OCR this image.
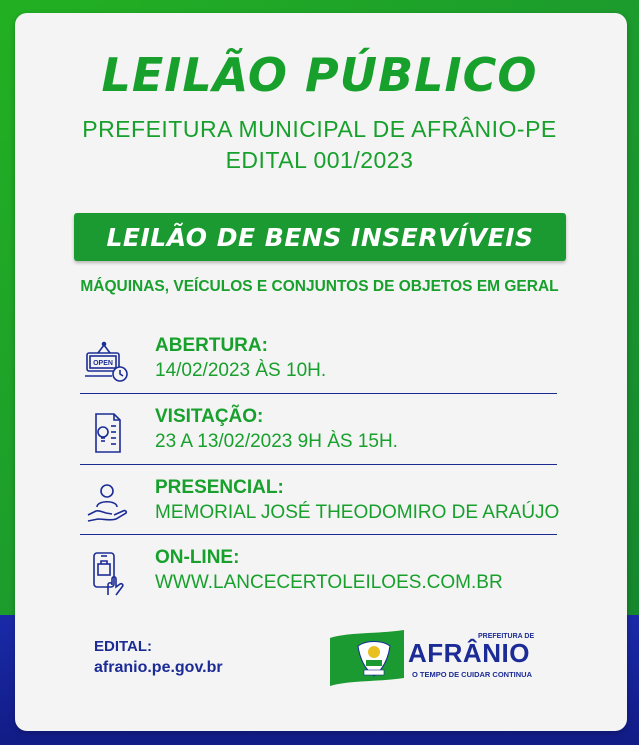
LEILÃO PÚBLICO
PREFEITURA MUNICIPAL DE AFRÂNIO-PE
EDITAL 001/2023
LEILÃO DE BENS INSERVÍVEIS
MÁQUINAS, VEÍCULOS E CONJUNTOS DE OBJETOS EM GERAL
OPEN
ABERTURA:
14/02/2023 ÀS 10H.
VISITAÇÃO:
23 A 13/02/2023 9H ÀS 15H.
PRESENCIAL:
MEMORIAL JOSÉ THEODOMIRO DE ARAÚJO
ON-LINE:
WWW.LANCECERTOLEILOES.COM.BR
EDITAL:
afranio.pe.gov.br
PREFEITURA DE
AFRÂNIO
O TEMPO DE CUIDAR CONTINUA
